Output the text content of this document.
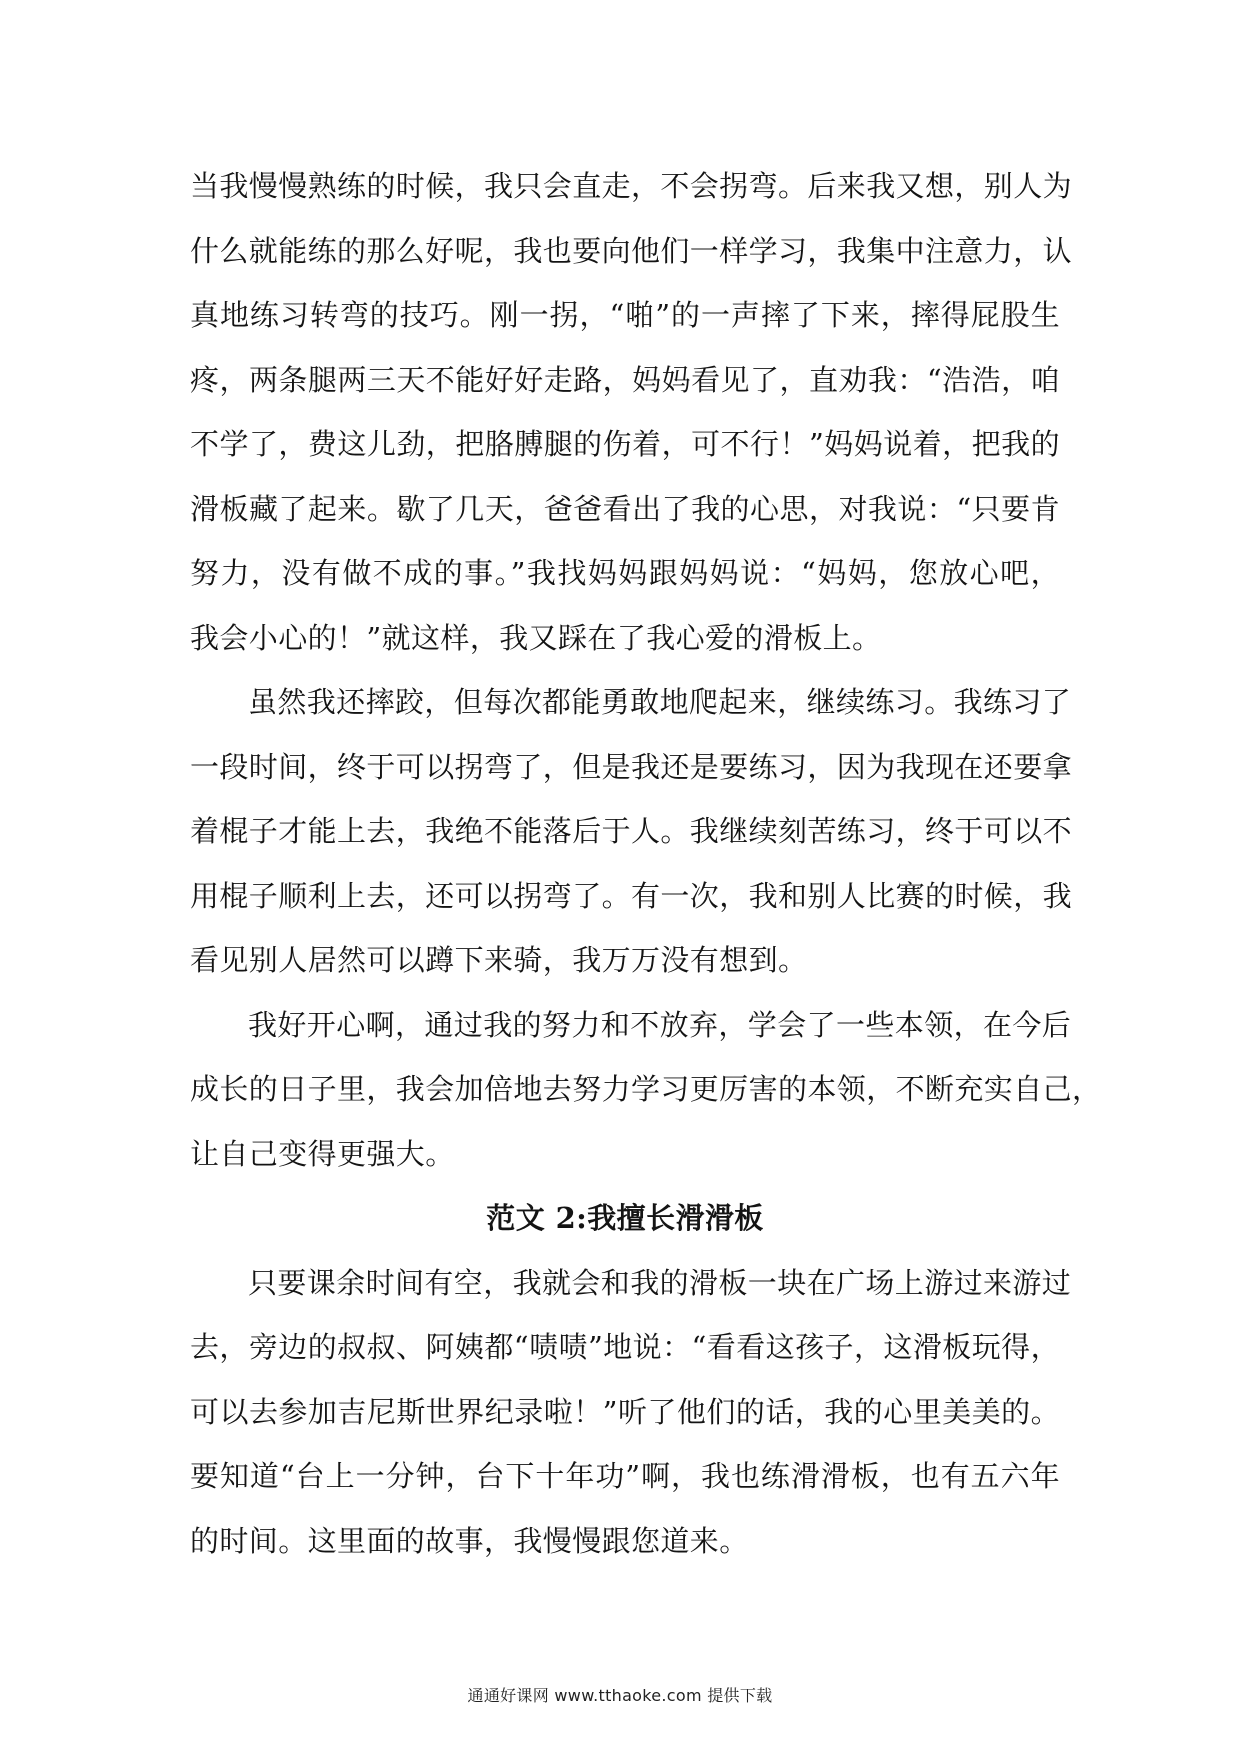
当我慢慢熟练的时候，我只会直走，不会拐弯。后来我又想，别人为
什么就能练的那么好呢，我也要向他们一样学习，我集中注意力，认
真地练习转弯的技巧。刚一拐，“啪”的一声摔了下来，摔得屁股生
疼，两条腿两三天不能好好走路，妈妈看见了，直劝我：“浩浩，咱
不学了，费这儿劲，把胳膊腿的伤着，可不行！”妈妈说着，把我的
滑板藏了起来。歇了几天，爸爸看出了我的心思，对我说：“只要肯
努力，没有做不成的事。”我找妈妈跟妈妈说：“妈妈，您放心吧，
我会小心的！”就这样，我又踩在了我心爱的滑板上。

虽然我还摔跤，但每次都能勇敢地爬起来，继续练习。我练习了
一段时间，终于可以拐弯了，但是我还是要练习，因为我现在还要拿
着棍子才能上去，我绝不能落后于人。我继续刻苦练习，终于可以不
用棍子顺利上去，还可以拐弯了。有一次，我和别人比赛的时候，我
看见别人居然可以蹲下来骑，我万万没有想到。

我好开心啊，通过我的努力和不放弃，学会了一些本领，在今后
成长的日子里，我会加倍地去努力学习更厉害的本领，不断充实自己，
让自己变得更强大。

范文 2:我擅长滑滑板

只要课余时间有空，我就会和我的滑板一块在广场上游过来游过
去，旁边的叔叔、阿姨都“啧啧”地说：“看看这孩子，这滑板玩得，
可以去参加吉尼斯世界纪录啦！”听了他们的话，我的心里美美的。
要知道“台上一分钟，台下十年功”啊，我也练滑滑板，也有五六年
的时间。这里面的故事，我慢慢跟您道来。

通通好课网 www.tthaoke.com 提供下载
